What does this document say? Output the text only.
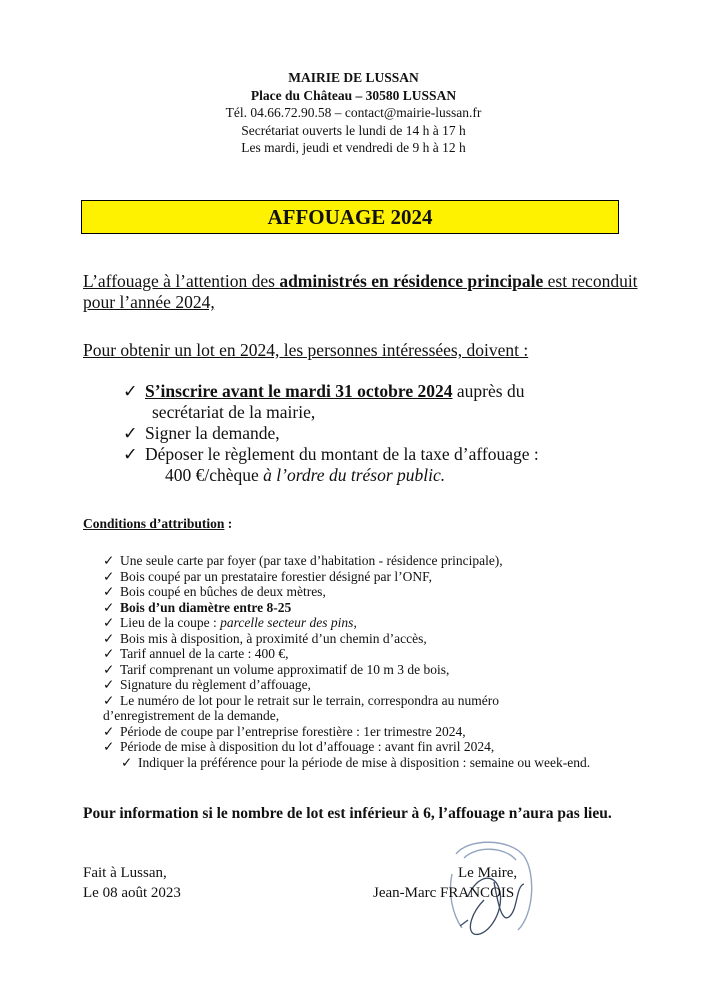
MAIRIE DE LUSSAN
Place du Château – 30580 LUSSAN
Tél. 04.66.72.90.58 – contact@mairie-lussan.fr
Secrétariat ouverts le lundi de 14 h à 17 h
Les mardi, jeudi et vendredi de 9 h à 12 h
AFFOUAGE 2024
L’affouage à l’attention des administrés en résidence principale est reconduit pour l’année 2024,
Pour obtenir un lot en 2024, les personnes intéressées, doivent :
✓ S’inscrire avant le mardi 31 octobre 2024 auprès du
secrétariat de la mairie,
✓ Signer la demande,
✓ Déposer le règlement du montant de la taxe d’affouage :
400 €/chèque à l’ordre du trésor public.
Conditions d’attribution :
✓ Une seule carte par foyer (par taxe d’habitation - résidence principale),
✓ Bois coupé par un prestataire forestier désigné par l’ONF,
✓ Bois coupé en bûches de deux mètres,
✓ Bois d’un diamètre entre 8-25
✓ Lieu de la coupe : parcelle secteur des pins,
✓ Bois mis à disposition, à proximité d’un chemin d’accès,
✓ Tarif annuel de la carte : 400 €,
✓ Tarif comprenant un volume approximatif de 10 m 3 de bois,
✓ Signature du règlement d’affouage,
✓ Le numéro de lot pour le retrait sur le terrain, correspondra au numéro
d’enregistrement de la demande,
✓ Période de coupe par l’entreprise forestière : 1er trimestre 2024,
✓ Période de mise à disposition du lot d’affouage : avant fin avril 2024,
✓ Indiquer la préférence pour la période de mise à disposition : semaine ou week-end.
Pour information si le nombre de lot est inférieur à 6, l’affouage n’aura pas lieu.
Fait à Lussan,
Le 08 août 2023
Le Maire,
Jean-Marc FRANCOIS
